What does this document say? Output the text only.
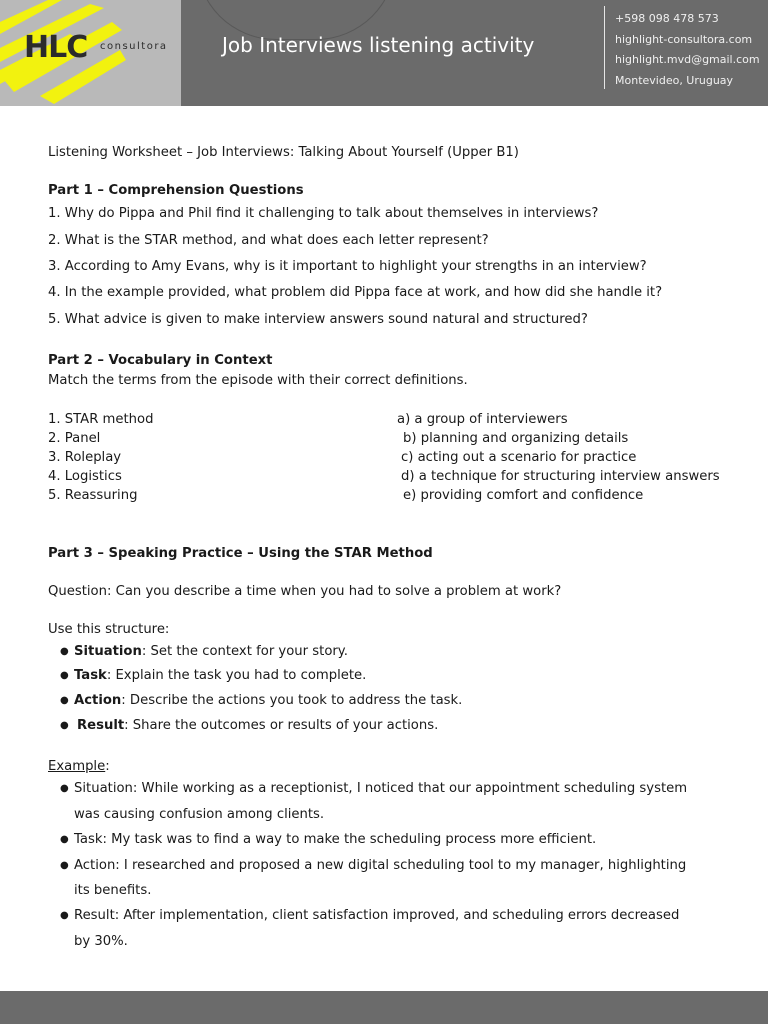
HLC consultora	Job Interviews listening activity
+598 098 478 573
highlight-consultora.com
highlight.mvd@gmail.com
Montevideo, Uruguay
Listening Worksheet – Job Interviews: Talking About Yourself (Upper B1)
Part 1 – Comprehension Questions
1. Why do Pippa and Phil find it challenging to talk about themselves in interviews?
2. What is the STAR method, and what does each letter represent?
3. According to Amy Evans, why is it important to highlight your strengths in an interview?
4. In the example provided, what problem did Pippa face at work, and how did she handle it?
5. What advice is given to make interview answers sound natural and structured?
Part 2 – Vocabulary in Context
Match the terms from the episode with their correct definitions.
1. STAR method
2. Panel
3. Roleplay
4. Logistics
5. Reassuring
a) a group of interviewers
b) planning and organizing details
c) acting out a scenario for practice
d) a technique for structuring interview answers
e) providing comfort and confidence
Part 3 – Speaking Practice – Using the STAR Method
Question: Can you describe a time when you had to solve a problem at work?
Use this structure:
● Situation: Set the context for your story.
● Task: Explain the task you had to complete.
● Action: Describe the actions you took to address the task.
● Result: Share the outcomes or results of your actions.
Example:
● Situation: While working as a receptionist, I noticed that our appointment scheduling system
was causing confusion among clients.
● Task: My task was to find a way to make the scheduling process more efficient.
● Action: I researched and proposed a new digital scheduling tool to my manager, highlighting
its benefits.
● Result: After implementation, client satisfaction improved, and scheduling errors decreased
by 30%.
